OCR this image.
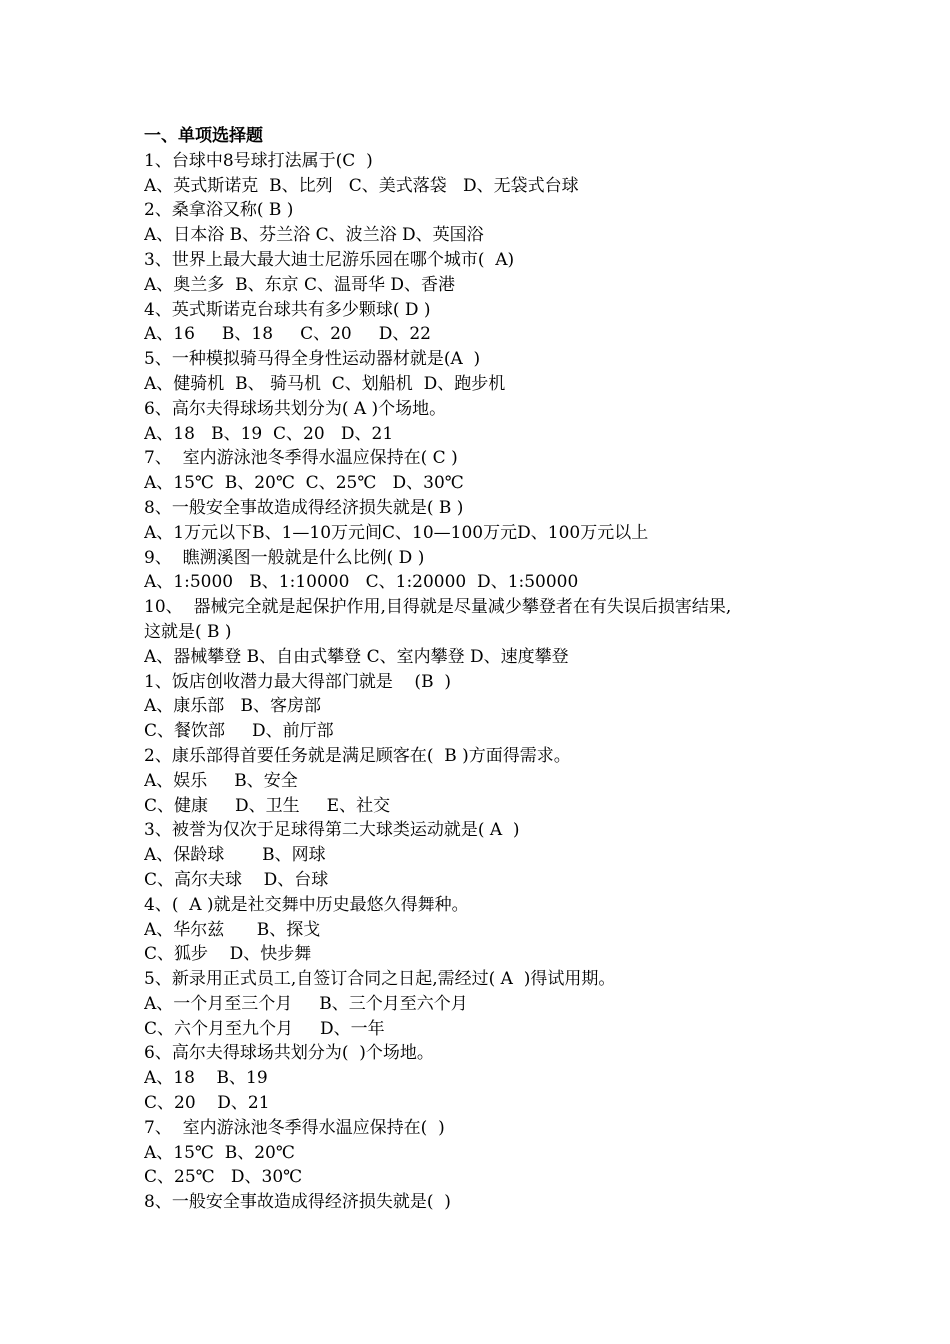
一、单项选择题
1、台球中8号球打法属于(C  )
A、英式斯诺克  B、比列   C、美式落袋   D、无袋式台球
2、桑拿浴又称( B )
A、日本浴 B、芬兰浴 C、波兰浴 D、英国浴
3、世界上最大最大迪士尼游乐园在哪个城市(  A)
A、奥兰多  B、东京 C、温哥华 D、香港
4、英式斯诺克台球共有多少颗球( D )
A、16     B、18     C、20     D、22
5、一种模拟骑马得全身性运动器材就是(A  )
A、健骑机  B、 骑马机  C、划船机  D、跑步机
6、高尔夫得球场共划分为( A )个场地。
A、18   B、19  C、20   D、21
7、  室内游泳池冬季得水温应保持在( C )
A、15℃  B、20℃  C、25℃   D、30℃
8、一般安全事故造成得经济损失就是( B )
A、1万元以下B、1—10万元间C、10—100万元D、100万元以上
9、  瞧溯溪图一般就是什么比例( D )
A、1:5000   B、1:10000   C、1:20000  D、1:50000
10、  器械完全就是起保护作用,目得就是尽量减少攀登者在有失误后损害结果,
这就是( B )
A、器械攀登 B、自由式攀登 C、室内攀登 D、速度攀登
1、饭店创收潜力最大得部门就是    (B  )
A、康乐部   B、客房部
C、餐饮部     D、前厅部
2、康乐部得首要任务就是满足顾客在(  B )方面得需求。
A、娱乐     B、安全
C、健康     D、卫生     E、社交
3、被誉为仅次于足球得第二大球类运动就是( A  )
A、保龄球       B、网球
C、高尔夫球    D、台球
4、(  A )就是社交舞中历史最悠久得舞种。
A、华尔兹      B、探戈
C、狐步    D、快步舞
5、新录用正式员工,自签订合同之日起,需经过( A  )得试用期。
A、一个月至三个月     B、三个月至六个月
C、六个月至九个月     D、一年
6、高尔夫得球场共划分为(  )个场地。
A、18    B、19
C、20    D、21
7、  室内游泳池冬季得水温应保持在(  )
A、15℃  B、20℃
C、25℃   D、30℃
8、一般安全事故造成得经济损失就是(  )
